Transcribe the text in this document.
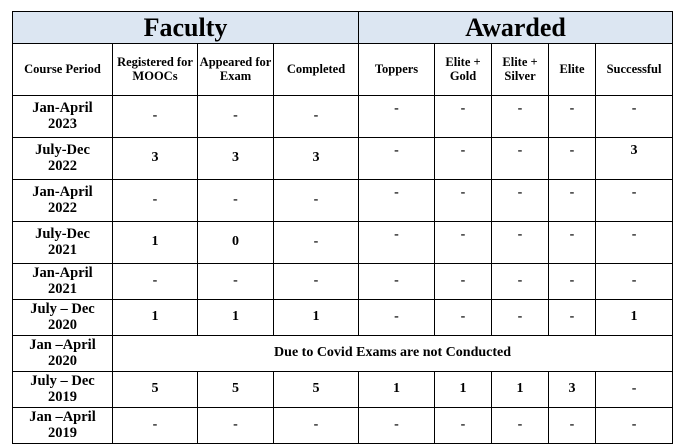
Faculty				Awarded				
Course Period	Registered for MOOCs	Appeared for Exam	Completed	Toppers	Elite + Gold	Elite + Silver	Elite	Successful

Jan-April
2023	-	-	-	-	-	-	-	-

July-Dec
2022	3	3	3	-	-	-	-	3

Jan-April
2022	-	-	-	-	-	-	-	-

July-Dec
2021	1	0	-	-	-	-	-	-

Jan-April
2021	-	-	-	-	-	-	-	-

July – Dec
2020	1	1	1	-	-	-	-	1

Jan –April
2020	Due to Covid Exams are not Conducted							

July – Dec
2019	5	5	5	1	1	1	3	-

Jan –April
2019	-	-	-	-	-	-	-	-
